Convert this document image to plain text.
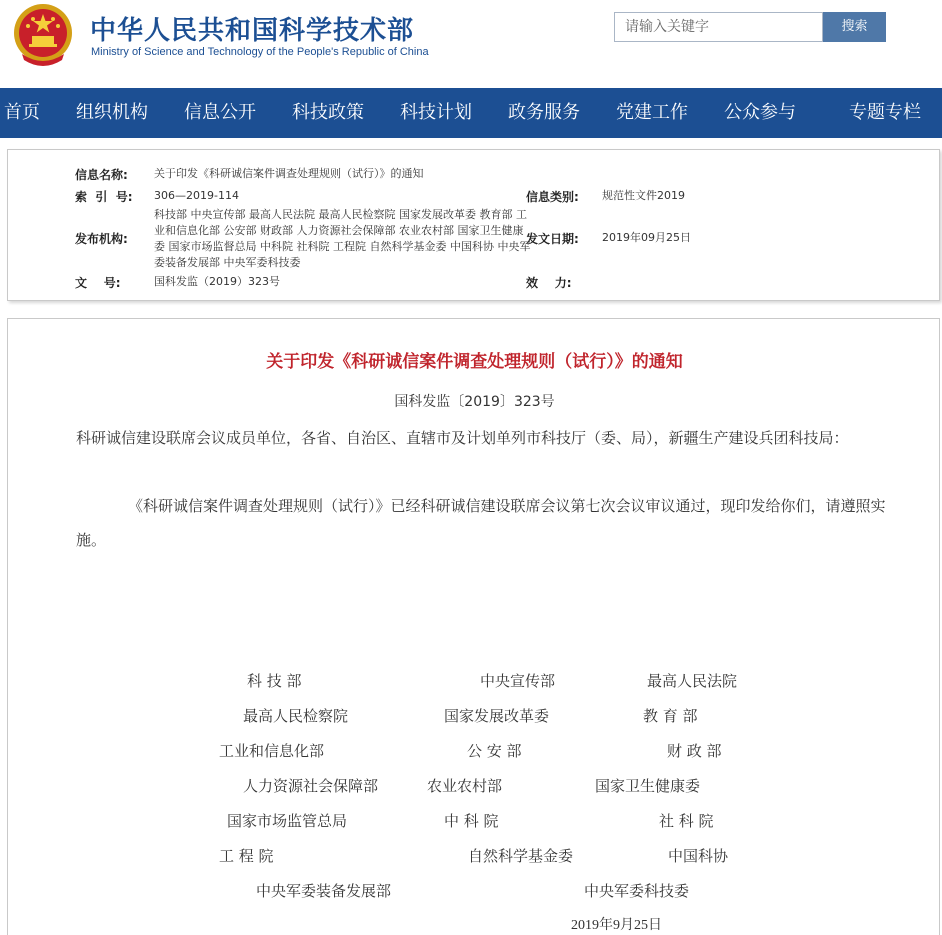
中华人民共和国科学技术部
Ministry of Science and Technology of the People's Republic of China
请输入关键字
搜索
首页	组织机构	信息公开	科技政策	科技计划	政务服务	党建工作	公众参与	专题专栏
信息名称: 关于印发《科研诚信案件调查处理规则（试行）》的通知
索  引  号: 306—2019-114	信息类别: 规范性文件2019
发布机构:
科技部 中央宣传部 最高人民法院 最高人民检察院 国家发展改革委 教育部 工业和信息化部 公安部 财政部 人力资源社会保障部 农业农村部 国家卫生健康委 国家市场监督总局 中科院 社科院 工程院 自然科学基金委 中国科协 中央军委装备发展部 中央军委科技委
发文日期: 2019年09月25日
文    号:	国科发监（2019）323号	效    力:
关于印发《科研诚信案件调查处理规则（试行）》的通知
国科发监〔2019〕323号
科研诚信建设联席会议成员单位，各省、自治区、直辖市及计划单列市科技厅（委、局），新疆生产建设兵团科技局：
《科研诚信案件调查处理规则（试行）》已经科研诚信建设联席会议第七次会议审议通过，现印发给你们，请遵照实施。
科 技 部	中央宣传部	最高人民法院
最高人民检察院	国家发展改革委	教 育 部
工业和信息化部	公 安 部	财 政 部
人力资源社会保障部	农业农村部	国家卫生健康委
国家市场监管总局	中 科 院	社 科 院
工 程 院	自然科学基金委	中国科协
中央军委装备发展部	中央军委科技委
2019年9月25日
